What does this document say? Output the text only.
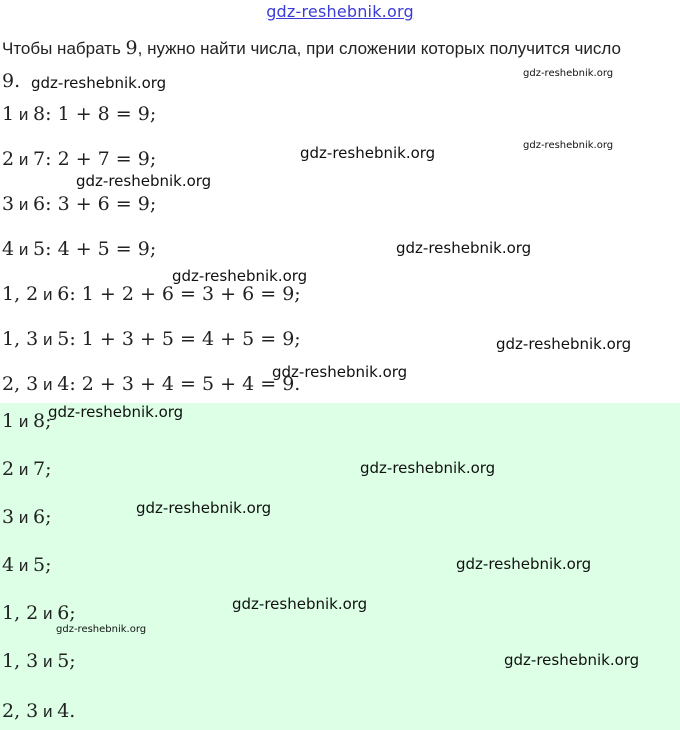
gdz-reshebnik.org
Чтобы набрать 9, нужно найти числа, при сложении которых получится число
9.
1 и 8: 1 + 8 = 9;
2 и 7: 2 + 7 = 9;
3 и 6: 3 + 6 = 9;
4 и 5: 4 + 5 = 9;
1, 2 и 6: 1 + 2 + 6 = 3 + 6 = 9;
1, 3 и 5: 1 + 3 + 5 = 4 + 5 = 9;
2, 3 и 4: 2 + 3 + 4 = 5 + 4 = 9.
1 и 8;
2 и 7;
3 и 6;
4 и 5;
1, 2 и 6;
1, 3 и 5;
2, 3 и 4.
gdz-reshebnik.org
gdz-reshebnik.org
gdz-reshebnik.org	gdz-reshebnik.org
gdz-reshebnik.org
gdz-reshebnik.org
gdz-reshebnik.org
gdz-reshebnik.org
gdz-reshebnik.org
gdz-reshebnik.org
gdz-reshebnik.org
gdz-reshebnik.org
gdz-reshebnik.org
gdz-reshebnik.org
gdz-reshebnik.org
gdz-reshebnik.org
